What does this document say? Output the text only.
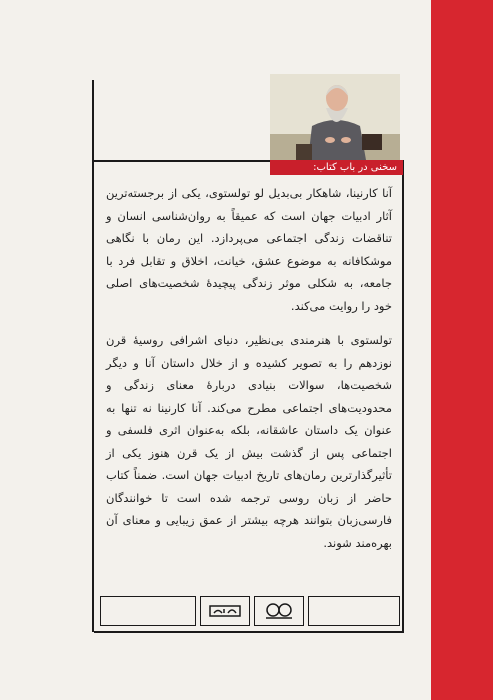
سخنی در باب کتاب:

آنا کارنینا، شاهکار بی‌بدیل لو تولستوی، یکی از برجسته‌ترین آثار ادبیات جهان است که عمیقاً به روان‌شناسی انسان و تناقضات زندگی اجتماعی می‌پردازد. این رمان با نگاهی موشکافانه به موضوع عشق، خیانت، اخلاق و تقابل فرد با جامعه، به شکلی موثر زندگی پیچیدهٔ شخصیت‌های اصلی خود را روایت می‌کند.

تولستوی با هنرمندی بی‌نظیر، دنیای اشرافی روسیهٔ قرن نوزدهم را به تصویر کشیده و از خلال داستان آنا و دیگر شخصیت‌ها، سوالات بنیادی دربارهٔ معنای زندگی و محدودیت‌های اجتماعی مطرح می‌کند. آنا کارنینا نه تنها به عنوان یک داستان عاشقانه، بلکه به‌عنوان اثری فلسفی و اجتماعی پس از گذشت بیش از یک قرن هنوز یکی از تأثیرگذارترین رمان‌های تاریخ ادبیات جهان است. ضمناً کتاب حاضر از زبان روسی ترجمه شده است تا خوانندگان فارسی‌زبان بتوانند هرچه بیشتر از عمق زیبایی و معنای آن بهره‌مند شوند.
